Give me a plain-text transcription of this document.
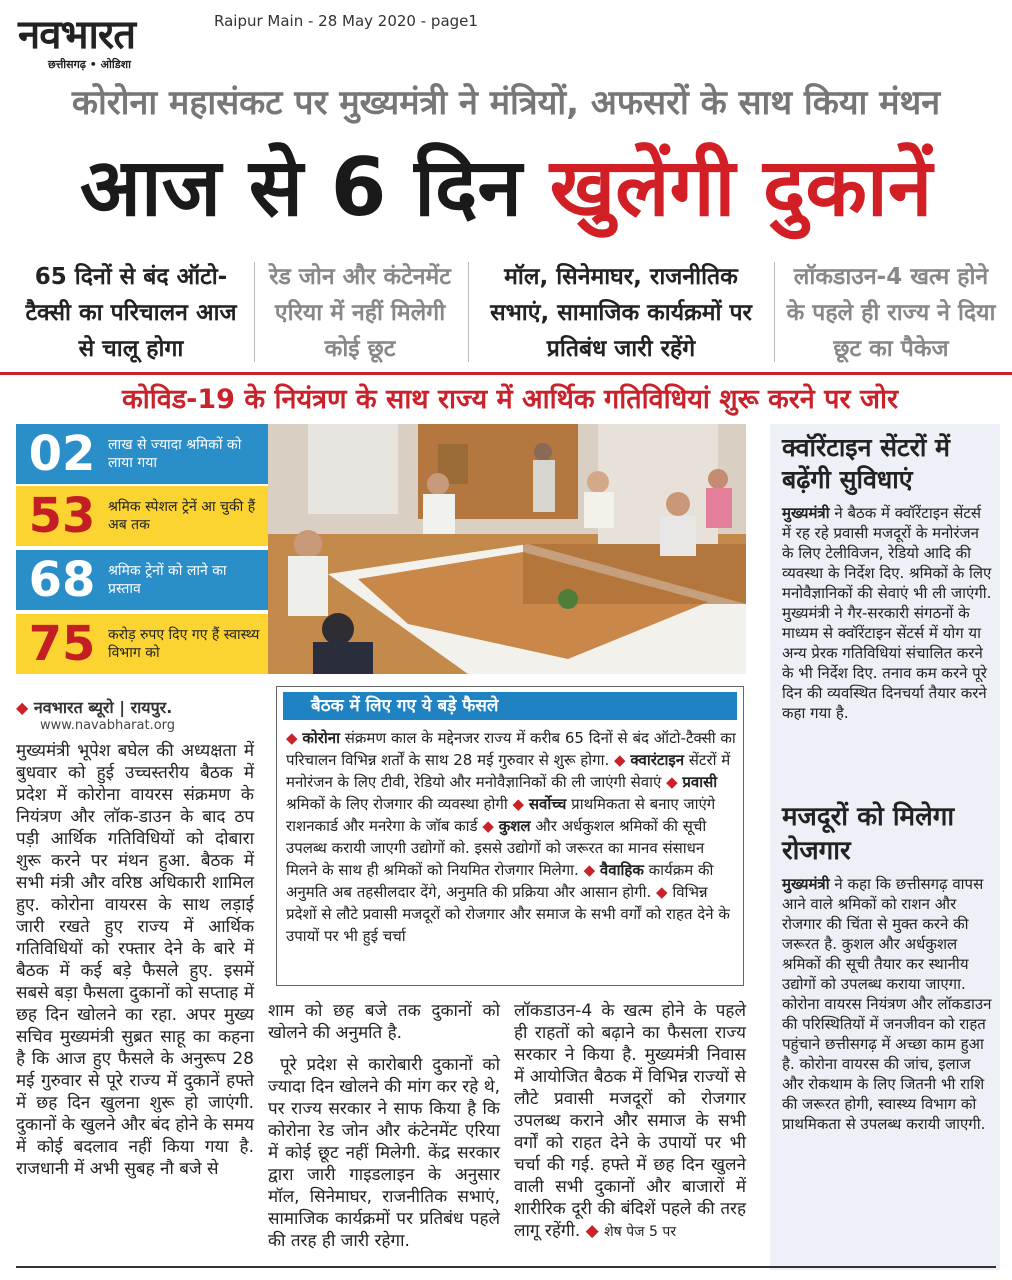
नवभारत
छत्तीसगढ़ • ओडिशा
Raipur Main - 28 May 2020 - page1
कोरोना महासंकट पर मुख्यमंत्री ने मंत्रियों, अफसरों के साथ किया मंथन
आज से 6 दिन खुलेंगी दुकानें
65 दिनों से बंद ऑटो-टैक्सी का परिचालन आज से चालू होगा
रेड जोन और कंटेनमेंट एरिया में नहीं मिलेगी कोई छूट
मॉल, सिनेमाघर, राजनीतिक सभाएं, सामाजिक कार्यक्रमों पर प्रतिबंध जारी रहेंगे
लॉकडाउन-4 खत्म होने के पहले ही राज्य ने दिया छूट का पैकेज
कोविड-19 के नियंत्रण के साथ राज्य में आर्थिक गतिविधियां शुरू करने पर जोर
02 लाख से ज्यादा श्रमिकों को लाया गया
53 श्रमिक स्पेशल ट्रेनें आ चुकी हैं अब तक
68 श्रमिक ट्रेनों को लाने का प्रस्ताव
75 करोड़ रुपए दिए गए हैं स्वास्थ्य विभाग को
◆ नवभारत ब्यूरो | रायपुर.
www.navabharat.org
मुख्यमंत्री भूपेश बघेल की अध्यक्षता में बुधवार को हुई उच्चस्तरीय बैठक में प्रदेश में कोरोना वायरस संक्रमण के नियंत्रण और लॉक-डाउन के बाद ठप पड़ी आर्थिक गतिविधियों को दोबारा शुरू करने पर मंथन हुआ. बैठक में सभी मंत्री और वरिष्ठ अधिकारी शामिल हुए. कोरोना वायरस के साथ लड़ाई जारी रखते हुए राज्य में आर्थिक गतिविधियों को रफ्तार देने के बारे में बैठक में कई बड़े फैसले हुए. इसमें सबसे बड़ा फैसला दुकानों को सप्ताह में छह दिन खोलने का रहा. अपर मुख्य सचिव मुख्यमंत्री सुब्रत साहू का कहना है कि आज हुए फैसले के अनुरूप 28 मई गुरुवार से पूरे राज्य में दुकानें हफ्ते में छह दिन खुलना शुरू हो जाएंगी. दुकानों के खुलने और बंद होने के समय में कोई बदलाव नहीं किया गया है. राजधानी में अभी सुबह नौ बजे से

शाम को छह बजे तक दुकानों को खोलने की अनुमति है.

पूरे प्रदेश से कारोबारी दुकानों को ज्यादा दिन खोलने की मांग कर रहे थे, पर राज्य सरकार ने साफ किया है कि कोरोना रेड जोन और कंटेनमेंट एरिया में कोई छूट नहीं मिलेगी. केंद्र सरकार द्वारा जारी गाइडलाइन के अनुसार मॉल, सिनेमाघर, राजनीतिक सभाएं, सामाजिक कार्यक्रमों पर प्रतिबंध पहले की तरह ही जारी रहेगा.

लॉकडाउन-4 के खत्म होने के पहले ही राहतों को बढ़ाने का फैसला राज्य सरकार ने किया है. मुख्यमंत्री निवास में आयोजित बैठक में विभिन्न राज्यों से लौटे प्रवासी मजदूरों को रोजगार उपलब्ध कराने और समाज के सभी वर्गों को राहत देने के उपायों पर भी चर्चा की गई. हफ्ते में छह दिन खुलने वाली सभी दुकानों और बाजारों में शारीरिक दूरी की बंदिशें पहले की तरह लागू रहेंगी. ◆ शेष पेज 5 पर
बैठक में लिए गए ये बड़े फैसले
◆ कोरोना संक्रमण काल के मद्देनजर राज्य में करीब 65 दिनों से बंद ऑटो-टैक्सी का परिचालन विभिन्न शर्तों के साथ 28 मई गुरुवार से शुरू होगा. ◆ क्वारंटाइन सेंटरों में मनोरंजन के लिए टीवी, रेडियो और मनोवैज्ञानिकों की ली जाएंगी सेवाएं ◆ प्रवासी श्रमिकों के लिए रोजगार की व्यवस्था होगी ◆ सर्वोच्च प्राथमिकता से बनाए जाएंगे राशनकार्ड और मनरेगा के जॉब कार्ड ◆ कुशल और अर्धकुशल श्रमिकों की सूची उपलब्ध करायी जाएगी उद्योगों को. इससे उद्योगों को जरूरत का मानव संसाधन मिलने के साथ ही श्रमिकों को नियमित रोजगार मिलेगा. ◆ वैवाहिक कार्यक्रम की अनुमति अब तहसीलदार देंगे, अनुमति की प्रक्रिया और आसान होगी. ◆ विभिन्न प्रदेशों से लौटे प्रवासी मजदूरों को रोजगार और समाज के सभी वर्गों को राहत देने के उपायों पर भी हुई चर्चा
क्वॉरेंटाइन सेंटरों में बढ़ेंगी सुविधाएं
मुख्यमंत्री ने बैठक में क्वॉरेंटाइन सेंटर्स में रह रहे प्रवासी मजदूरों के मनोरंजन के लिए टेलीविजन, रेडियो आदि की व्यवस्था के निर्देश दिए. श्रमिकों के लिए मनोवैज्ञानिकों की सेवाएं भी ली जाएंगी. मुख्यमंत्री ने गैर-सरकारी संगठनों के माध्यम से क्वॉरेंटाइन सेंटर्स में योग या अन्य प्रेरक गतिविधियां संचालित करने के भी निर्देश दिए. तनाव कम करने पूरे दिन की व्यवस्थित दिनचर्या तैयार करने कहा गया है.
मजदूरों को मिलेगा रोजगार
मुख्यमंत्री ने कहा कि छत्तीसगढ़ वापस आने वाले श्रमिकों को राशन और रोजगार की चिंता से मुक्त करने की जरूरत है. कुशल और अर्धकुशल श्रमिकों की सूची तैयार कर स्थानीय उद्योगों को उपलब्ध कराया जाएगा. कोरोना वायरस नियंत्रण और लॉकडाउन की परिस्थितियों में जनजीवन को राहत पहुंचाने छत्तीसगढ़ में अच्छा काम हुआ है. कोरोना वायरस की जांच, इलाज और रोकथाम के लिए जितनी भी राशि की जरूरत होगी, स्वास्थ्य विभाग को प्राथमिकता से उपलब्ध करायी जाएगी.
